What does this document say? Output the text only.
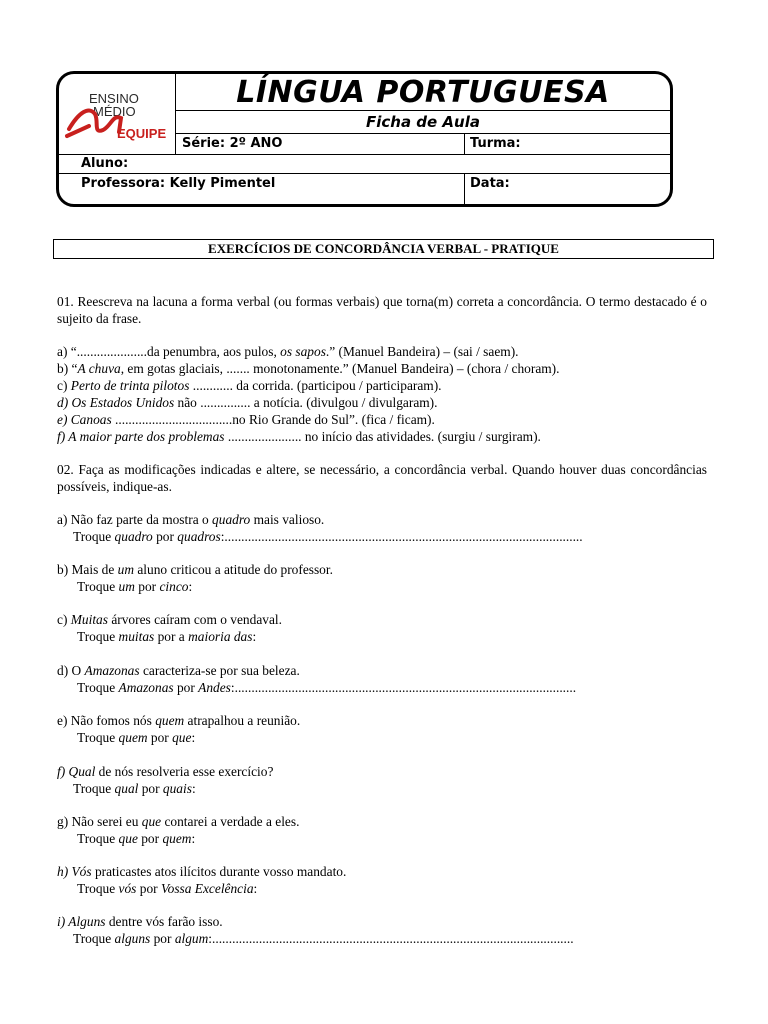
ENSINO
MÉDIO
EQUIPE
LÍNGUA PORTUGUESA
Ficha de Aula
Série: 2º ANO	Turma:
Aluno:
Professora: Kelly Pimentel	Data:
EXERCÍCIOS DE CONCORDÂNCIA VERBAL - PRATIQUE
01. Reescreva na lacuna a forma verbal (ou formas verbais) que torna(m) correta a concordância. O termo destacado é o sujeito da frase.
a) “.....................da penumbra, aos pulos, os sapos.” (Manuel Bandeira) – (sai / saem).
b) “A chuva, em gotas glaciais, ....... monotonamente.” (Manuel Bandeira) – (chora / choram).
c) Perto de trinta pilotos ............ da corrida. (participou / participaram).
d) Os Estados Unidos não ............... a notícia. (divulgou / divulgaram).
e) Canoas ...................................no Rio Grande do Sul”. (fica / ficam).
f) A maior parte dos problemas ...................... no início das atividades. (surgiu / surgiram).
02. Faça as modificações indicadas e altere, se necessário, a concordância verbal. Quando houver duas concordâncias possíveis, indique-as.
a) Não faz parte da mostra o quadro mais valioso.
Troque quadro por quadros:...........................................................................................................
b) Mais de um aluno criticou a atitude do professor.
Troque um por cinco:
c) Muitas árvores caíram com o vendaval.
Troque muitas por a maioria das:
d) O Amazonas caracteriza-se por sua beleza.
Troque Amazonas por Andes:......................................................................................................
e) Não fomos nós quem atrapalhou a reunião.
Troque quem por que:
f) Qual de nós resolveria esse exercício?
Troque qual por quais:
g) Não serei eu que contarei a verdade a eles.
Troque que por quem:
h) Vós praticastes atos ilícitos durante vosso mandato.
Troque vós por Vossa Excelência:
i) Alguns dentre vós farão isso.
Troque alguns por algum:............................................................................................................
